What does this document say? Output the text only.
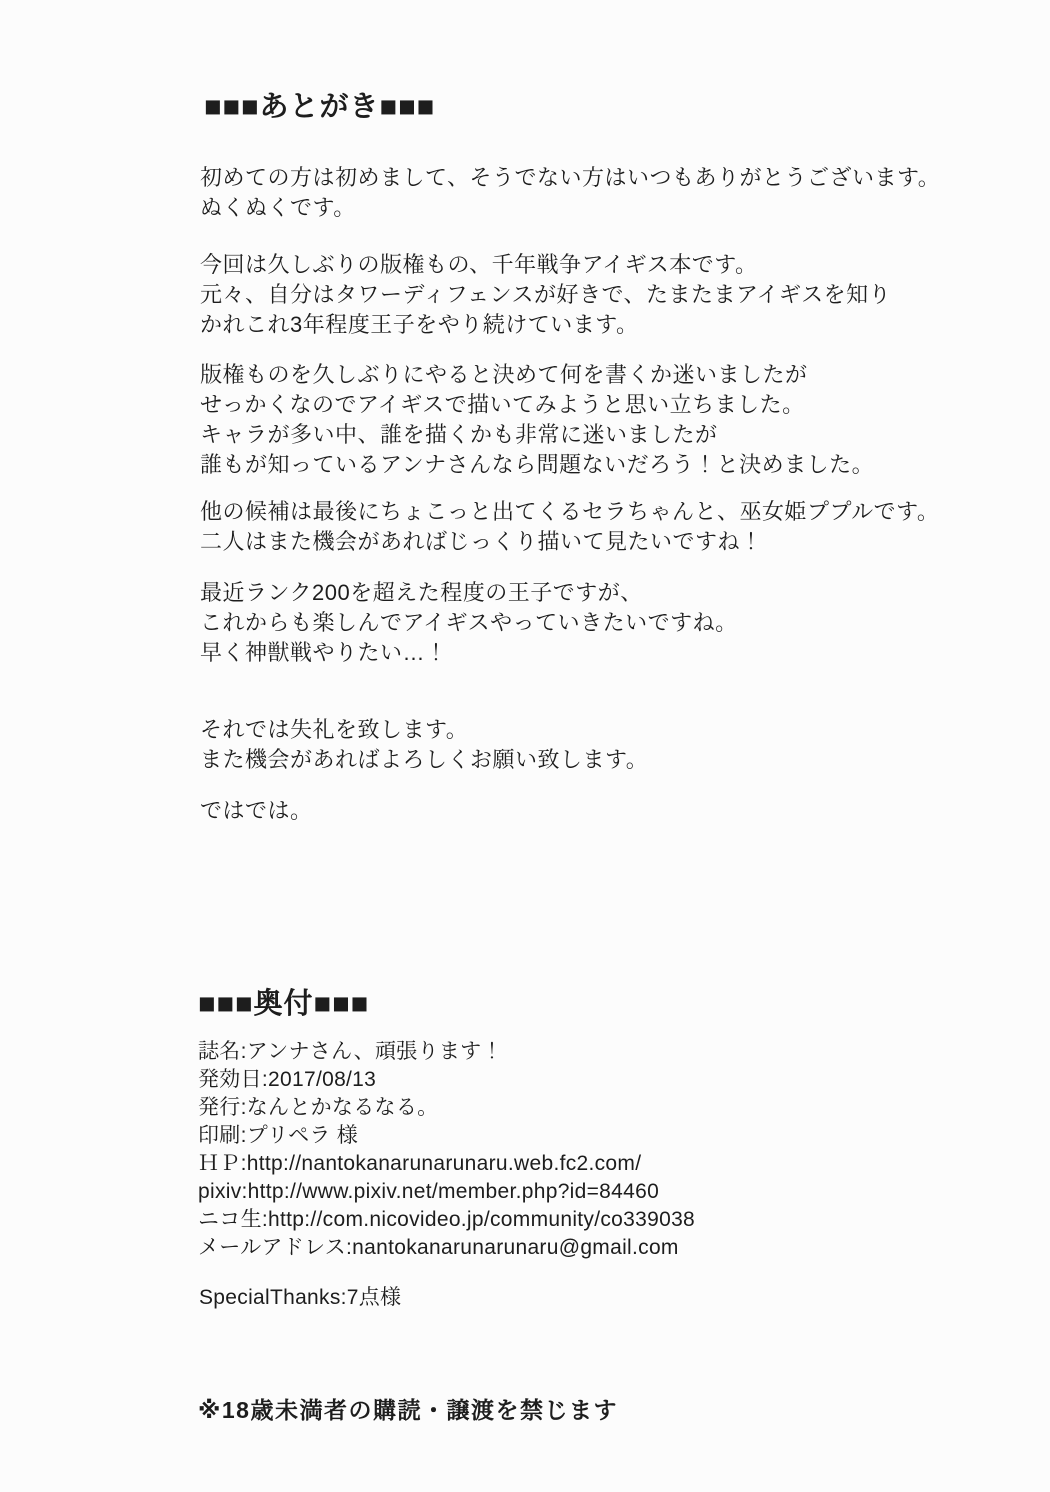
■■■あとがき■■■

初めての方は初めまして、そうでない方はいつもありがとうございます。

ぬくぬくです。

今回は久しぶりの版権もの、千年戦争アイギス本です。

元々、自分はタワーディフェンスが好きで、たまたまアイギスを知り

かれこれ3年程度王子をやり続けています。

版権ものを久しぶりにやると決めて何を書くか迷いましたが

せっかくなのでアイギスで描いてみようと思い立ちました。

キャラが多い中、誰を描くかも非常に迷いましたが

誰もが知っているアンナさんなら問題ないだろう！と決めました。

他の候補は最後にちょこっと出てくるセラちゃんと、巫女姫ププルです。

二人はまた機会があればじっくり描いて見たいですね！

最近ランク200を超えた程度の王子ですが、

これからも楽しんでアイギスやっていきたいですね。

早く神獣戦やりたい…！

それでは失礼を致します。

また機会があればよろしくお願い致します。

ではでは。

■■■奥付■■■

誌名:アンナさん、頑張ります！

発効日:2017/08/13

発行:なんとかなるなる。

印刷:プリペラ 様

ＨＰ:http://nantokanarunarunaru.web.fc2.com/

pixiv:http://www.pixiv.net/member.php?id=84460

ニコ生:http://com.nicovideo.jp/community/co339038

メールアドレス:nantokanarunarunaru@gmail.com

SpecialThanks:7点様
※18歳未満者の購読・譲渡を禁じます
